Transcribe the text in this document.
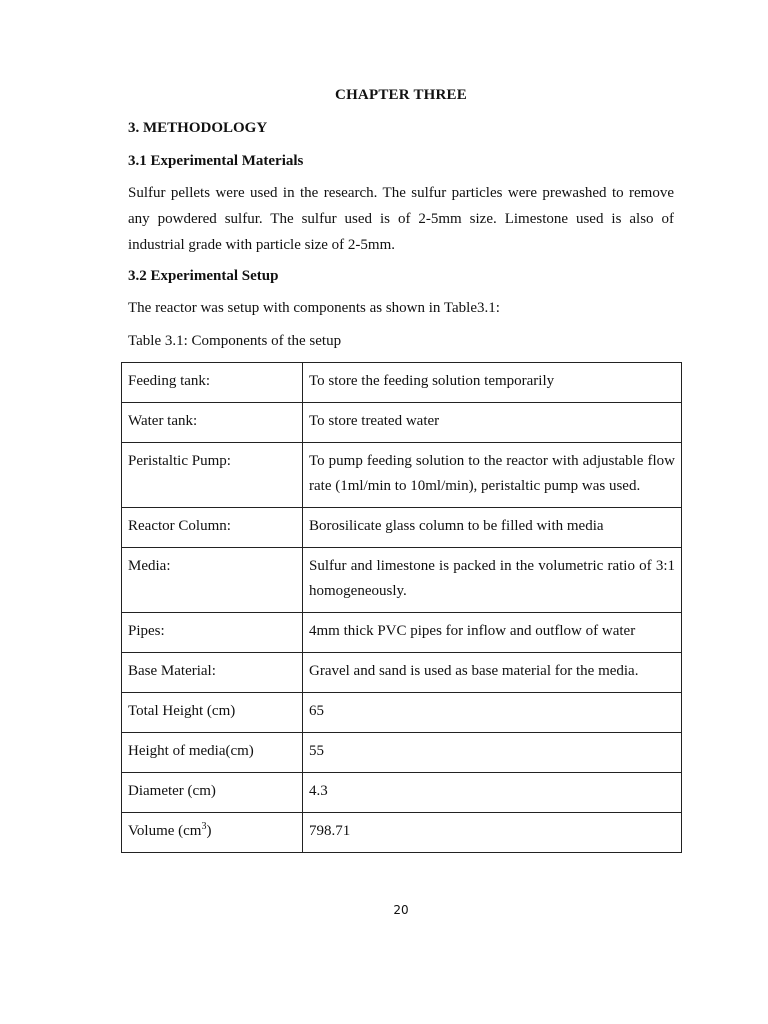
CHAPTER THREE
3. METHODOLOGY
3.1 Experimental Materials
Sulfur pellets were used in the research. The sulfur particles were prewashed to remove any powdered sulfur. The sulfur used is of 2-5mm size. Limestone used is also of industrial grade with particle size of 2-5mm.
3.2 Experimental Setup
The reactor was setup with components as shown in Table3.1:
Table 3.1: Components of the setup
Feeding tank:	To store the feeding solution temporarily
Water tank:	To store treated water
Peristaltic Pump:	To pump feeding solution to the reactor with adjustable flow rate (1ml/min to 10ml/min), peristaltic pump was used.
Reactor Column:	Borosilicate glass column to be filled with media
Media:	Sulfur and limestone is packed in the volumetric ratio of 3:1 homogeneously.
Pipes:	4mm thick PVC pipes for inflow and outflow of water
Base Material:	Gravel and sand is used as base material for the media.
Total Height (cm)	65
Height of media(cm)	55
Diameter (cm)	4.3
Volume $(cm^3)$	798.71
20
